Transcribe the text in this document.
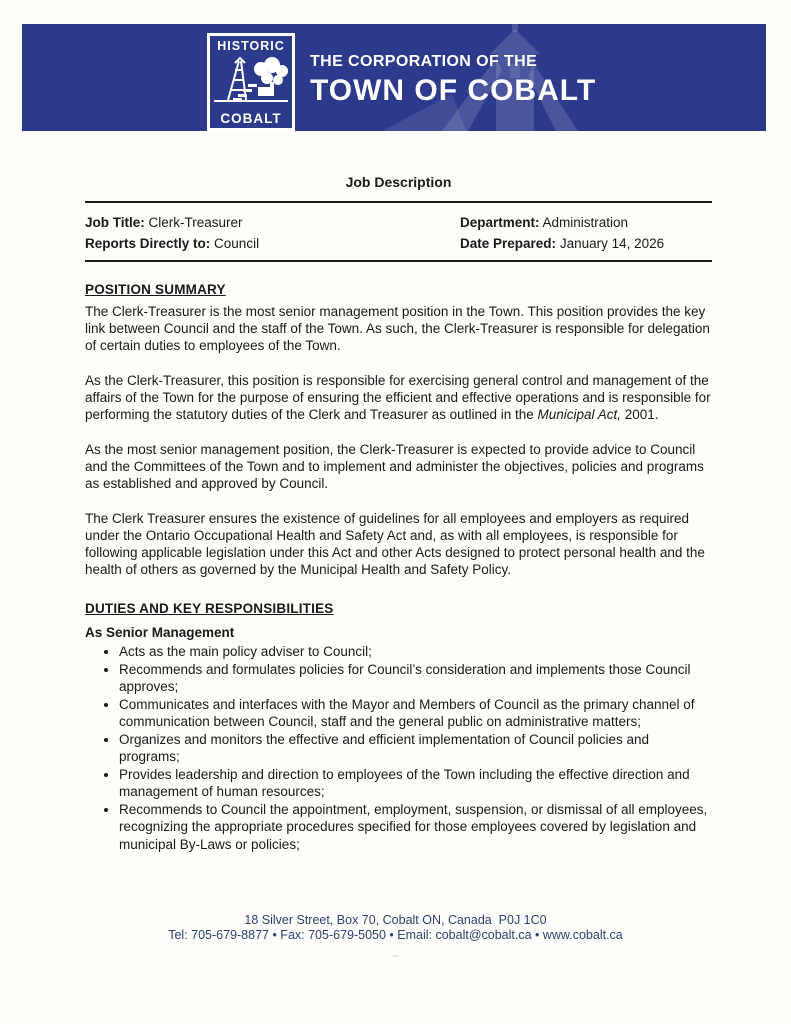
HISTORIC
COBALT
THE CORPORATION OF THE
TOWN OF COBALT
Job Description
Job Title: Clerk-Treasurer
Reports Directly to: Council
Department: Administration
Date Prepared: January 14, 2026
POSITION SUMMARY

The Clerk-Treasurer is the most senior management position in the Town. This position provides the key link between Council and the staff of the Town. As such, the Clerk-Treasurer is responsible for delegation of certain duties to employees of the Town.

As the Clerk-Treasurer, this position is responsible for exercising general control and management of the affairs of the Town for the purpose of ensuring the efficient and effective operations and is responsible for performing the statutory duties of the Clerk and Treasurer as outlined in the Municipal Act, 2001.

As the most senior management position, the Clerk-Treasurer is expected to provide advice to Council and the Committees of the Town and to implement and administer the objectives, policies and programs as established and approved by Council.

The Clerk Treasurer ensures the existence of guidelines for all employees and employers as required under the Ontario Occupational Health and Safety Act and, as with all employees, is responsible for following applicable legislation under this Act and other Acts designed to protect personal health and the health of others as governed by the Municipal Health and Safety Policy.

DUTIES AND KEY RESPONSIBILITIES
As Senior Management
• Acts as the main policy adviser to Council;
• Recommends and formulates policies for Council’s consideration and implements those Council approves;
• Communicates and interfaces with the Mayor and Members of Council as the primary channel of communication between Council, staff and the general public on administrative matters;
• Organizes and monitors the effective and efficient implementation of Council policies and programs;
• Provides leadership and direction to employees of the Town including the effective direction and management of human resources;
• Recommends to Council the appointment, employment, suspension, or dismissal of all employees, recognizing the appropriate procedures specified for those employees covered by legislation and municipal By-Laws or policies;
18 Silver Street, Box 70, Cobalt ON, Canada  P0J 1C0
Tel: 705-679-8877 • Fax: 705-679-5050 • Email: cobalt@cobalt.ca • www.cobalt.ca
–
